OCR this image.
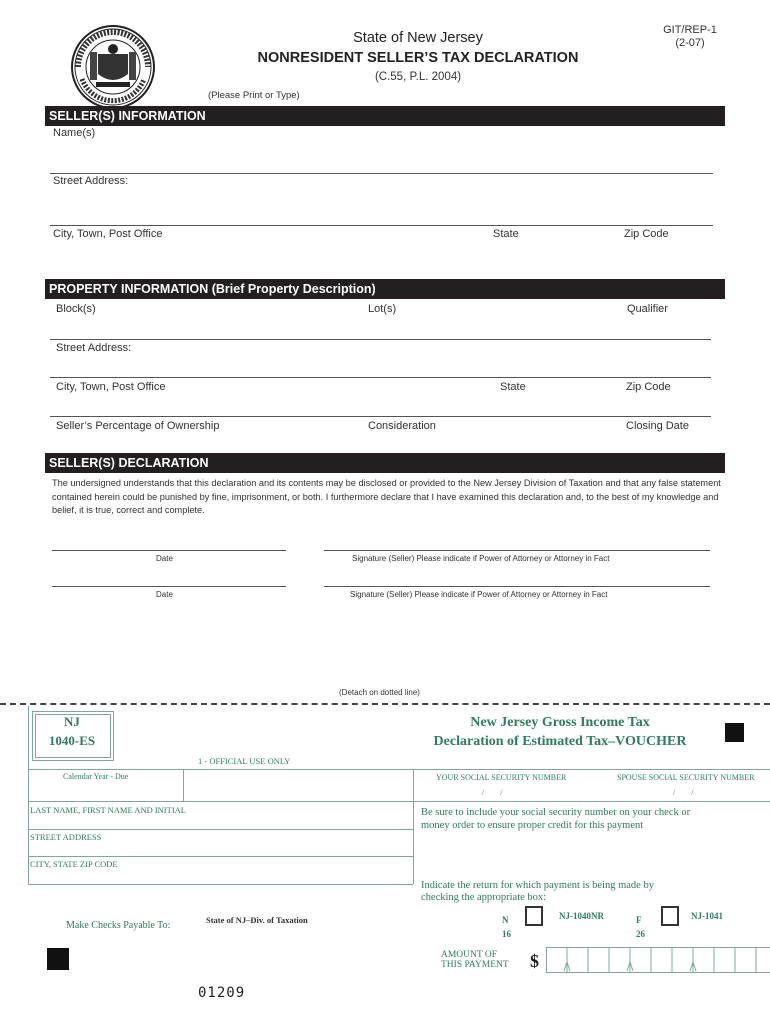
State of New Jersey
NONRESIDENT SELLER’S TAX DECLARATION
(C.55, P.L. 2004)
(Please Print or Type)
GIT/REP-1
(2-07)
SELLER(S) INFORMATION
Name(s)
Street Address:
City, Town, Post Office	State	Zip Code
PROPERTY INFORMATION (Brief Property Description)
Block(s)	Lot(s)	Qualifier
Street Address:
City, Town, Post Office	State	Zip Code
Seller’s Percentage of Ownership	Consideration	Closing Date
SELLER(S) DECLARATION
The undersigned understands that this declaration and its contents may be disclosed or provided to the New Jersey Division of Taxation and that any false statement contained herein could be punished by fine, imprisonment, or both. I furthermore declare that I have examined this declaration and, to the best of my knowledge and belief, it is true, correct and complete.
Date	Signature (Seller) Please indicate if Power of Attorney or Attorney in Fact
Date	Signature (Seller) Please indicate if Power of Attorney or Attorney in Fact
(Detach on dotted line)
NJ
1040-ES
New Jersey Gross Income Tax
Declaration of Estimated Tax–VOUCHER
1 - OFFICIAL USE ONLY
Calendar Year - Due	YOUR SOCIAL SECURITY NUMBER	SPOUSE SOCIAL SECURITY NUMBER
/        /	/        /
LAST NAME, FIRST NAME AND INITIAL
STREET ADDRESS
CITY, STATE ZIP CODE
Be sure to include your social security number on your check or money order to ensure proper credit for this payment
Indicate the return for which payment is being made by checking the appropriate box:
Make Checks Payable To:	State of NJ–Div. of Taxation	N
16
NJ-1040NR	F
26
NJ-1041
AMOUNT OF
THIS PAYMENT $
01209
